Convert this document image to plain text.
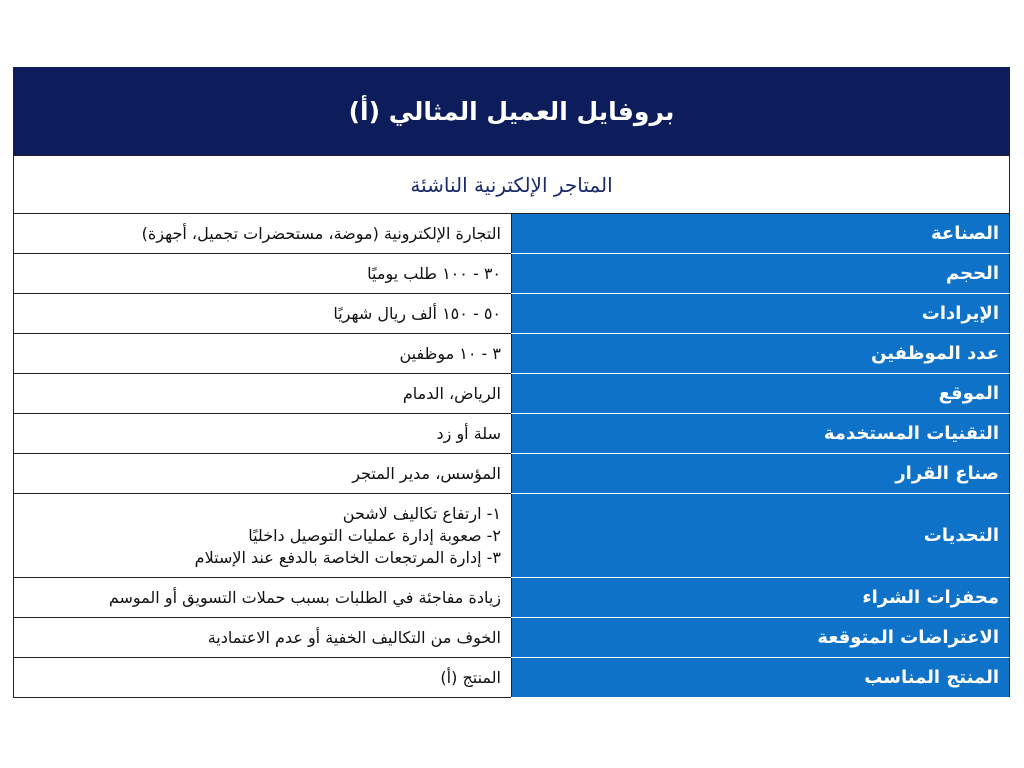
بروفايل العميل المثالي (أ)
المتاجر الإلكترنية الناشئة	
الصناعة	التجارة الإلكترونية (موضة، مستحضرات تجميل، أجهزة)
الحجم	٣٠ - ١٠٠ طلب يوميًا
الإيرادات	٥٠ - ١٥٠ ألف ريال شهريًا
عدد الموظفين	٣ - ١٠ موظفين
الموقع	الرياض، الدمام
التقنيات المستخدمة	سلة أو زد
صناع القرار	المؤسس، مدير المتجر
التحديات	١- ارتفاع تكاليف لاشحن
٢- صعوبة إدارة عمليات التوصيل داخليًا
٣- إدارة المرتجعات الخاصة بالدفع عند الإستلام

محفزات الشراء	زيادة مفاجئة في الطلبات بسبب حملات التسويق أو الموسم
الاعتراضات المتوقعة	الخوف من التكاليف الخفية أو عدم الاعتمادية
المنتج المناسب	المنتج (أ)
